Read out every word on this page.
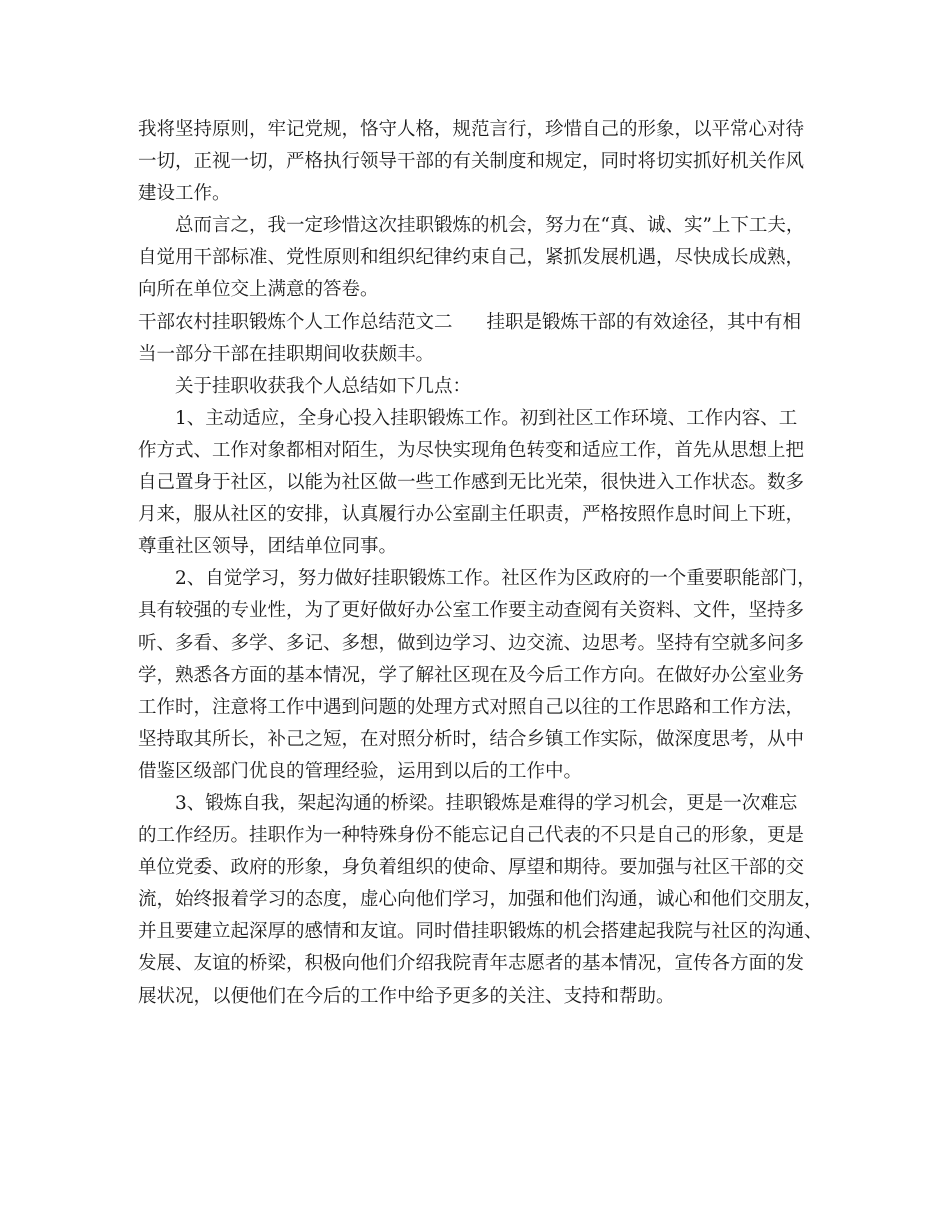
我将坚持原则，牢记党规，恪守人格，规范言行，珍惜自己的形象，以平常心对待
一切，正视一切，严格执行领导干部的有关制度和规定，同时将切实抓好机关作风
建设工作。
总而言之，我一定珍惜这次挂职锻炼的机会，努力在“真、诚、实”上下工夫，
自觉用干部标准、党性原则和组织纪律约束自己，紧抓发展机遇，尽快成长成熟，
向所在单位交上满意的答卷。
干部农村挂职锻炼个人工作总结范文二 挂职是锻炼干部的有效途径，其中有相
当一部分干部在挂职期间收获颇丰。
关于挂职收获我个人总结如下几点：
1、主动适应，全身心投入挂职锻炼工作。初到社区工作环境、工作内容、工
作方式、工作对象都相对陌生，为尽快实现角色转变和适应工作，首先从思想上把
自己置身于社区，以能为社区做一些工作感到无比光荣，很快进入工作状态。数多
月来，服从社区的安排，认真履行办公室副主任职责，严格按照作息时间上下班，
尊重社区领导，团结单位同事。
2、自觉学习，努力做好挂职锻炼工作。社区作为区政府的一个重要职能部门，
具有较强的专业性，为了更好做好办公室工作要主动查阅有关资料、文件，坚持多
听、多看、多学、多记、多想，做到边学习、边交流、边思考。坚持有空就多问多
学，熟悉各方面的基本情况，学了解社区现在及今后工作方向。在做好办公室业务
工作时，注意将工作中遇到问题的处理方式对照自己以往的工作思路和工作方法，
坚持取其所长，补己之短，在对照分析时，结合乡镇工作实际，做深度思考，从中
借鉴区级部门优良的管理经验，运用到以后的工作中。
3、锻炼自我，架起沟通的桥梁。挂职锻炼是难得的学习机会，更是一次难忘
的工作经历。挂职作为一种特殊身份不能忘记自己代表的不只是自己的形象，更是
单位党委、政府的形象，身负着组织的使命、厚望和期待。要加强与社区干部的交
流，始终报着学习的态度，虚心向他们学习，加强和他们沟通，诚心和他们交朋友，
并且要建立起深厚的感情和友谊。同时借挂职锻炼的机会搭建起我院与社区的沟通、
发展、友谊的桥梁，积极向他们介绍我院青年志愿者的基本情况，宣传各方面的发
展状况，以便他们在今后的工作中给予更多的关注、支持和帮助。
